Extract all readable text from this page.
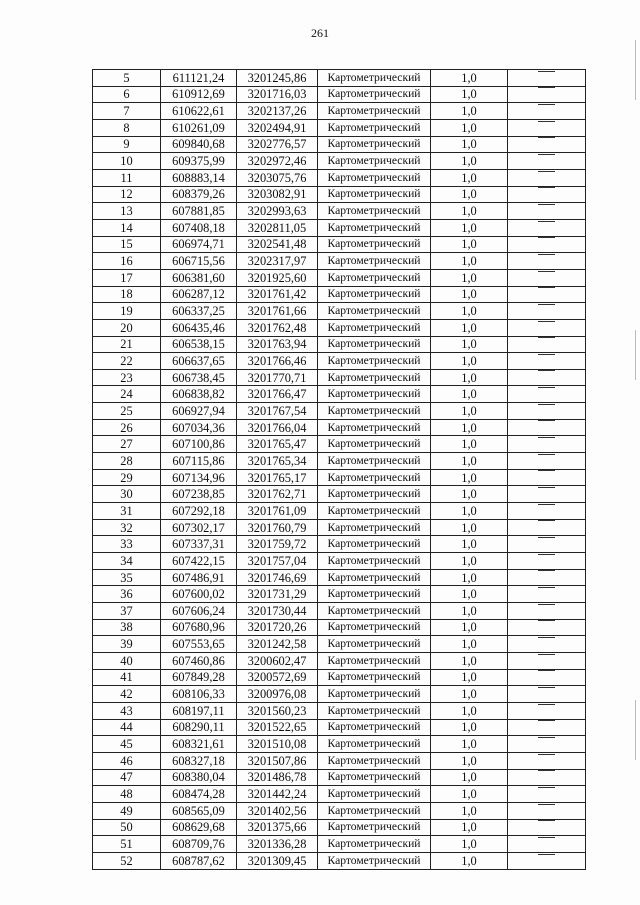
261
5	611121,24	3201245,86	Картометрический	1,0	
6	610912,69	3201716,03	Картометрический	1,0	
7	610622,61	3202137,26	Картометрический	1,0	
8	610261,09	3202494,91	Картометрический	1,0	
9	609840,68	3202776,57	Картометрический	1,0	
10	609375,99	3202972,46	Картометрический	1,0	
11	608883,14	3203075,76	Картометрический	1,0	
12	608379,26	3203082,91	Картометрический	1,0	
13	607881,85	3202993,63	Картометрический	1,0	
14	607408,18	3202811,05	Картометрический	1,0	
15	606974,71	3202541,48	Картометрический	1,0	
16	606715,56	3202317,97	Картометрический	1,0	
17	606381,60	3201925,60	Картометрический	1,0	
18	606287,12	3201761,42	Картометрический	1,0	
19	606337,25	3201761,66	Картометрический	1,0	
20	606435,46	3201762,48	Картометрический	1,0	
21	606538,15	3201763,94	Картометрический	1,0	
22	606637,65	3201766,46	Картометрический	1,0	
23	606738,45	3201770,71	Картометрический	1,0	
24	606838,82	3201766,47	Картометрический	1,0	
25	606927,94	3201767,54	Картометрический	1,0	
26	607034,36	3201766,04	Картометрический	1,0	
27	607100,86	3201765,47	Картометрический	1,0	
28	607115,86	3201765,34	Картометрический	1,0	
29	607134,96	3201765,17	Картометрический	1,0	
30	607238,85	3201762,71	Картометрический	1,0	
31	607292,18	3201761,09	Картометрический	1,0	
32	607302,17	3201760,79	Картометрический	1,0	
33	607337,31	3201759,72	Картометрический	1,0	
34	607422,15	3201757,04	Картометрический	1,0	
35	607486,91	3201746,69	Картометрический	1,0	
36	607600,02	3201731,29	Картометрический	1,0	
37	607606,24	3201730,44	Картометрический	1,0	
38	607680,96	3201720,26	Картометрический	1,0	
39	607553,65	3201242,58	Картометрический	1,0	
40	607460,86	3200602,47	Картометрический	1,0	
41	607849,28	3200572,69	Картометрический	1,0	
42	608106,33	3200976,08	Картометрический	1,0	
43	608197,11	3201560,23	Картометрический	1,0	
44	608290,11	3201522,65	Картометрический	1,0	
45	608321,61	3201510,08	Картометрический	1,0	
46	608327,18	3201507,86	Картометрический	1,0	
47	608380,04	3201486,78	Картометрический	1,0	
48	608474,28	3201442,24	Картометрический	1,0	
49	608565,09	3201402,56	Картометрический	1,0	
50	608629,68	3201375,66	Картометрический	1,0	
51	608709,76	3201336,28	Картометрический	1,0	
52	608787,62	3201309,45	Картометрический	1,0	
